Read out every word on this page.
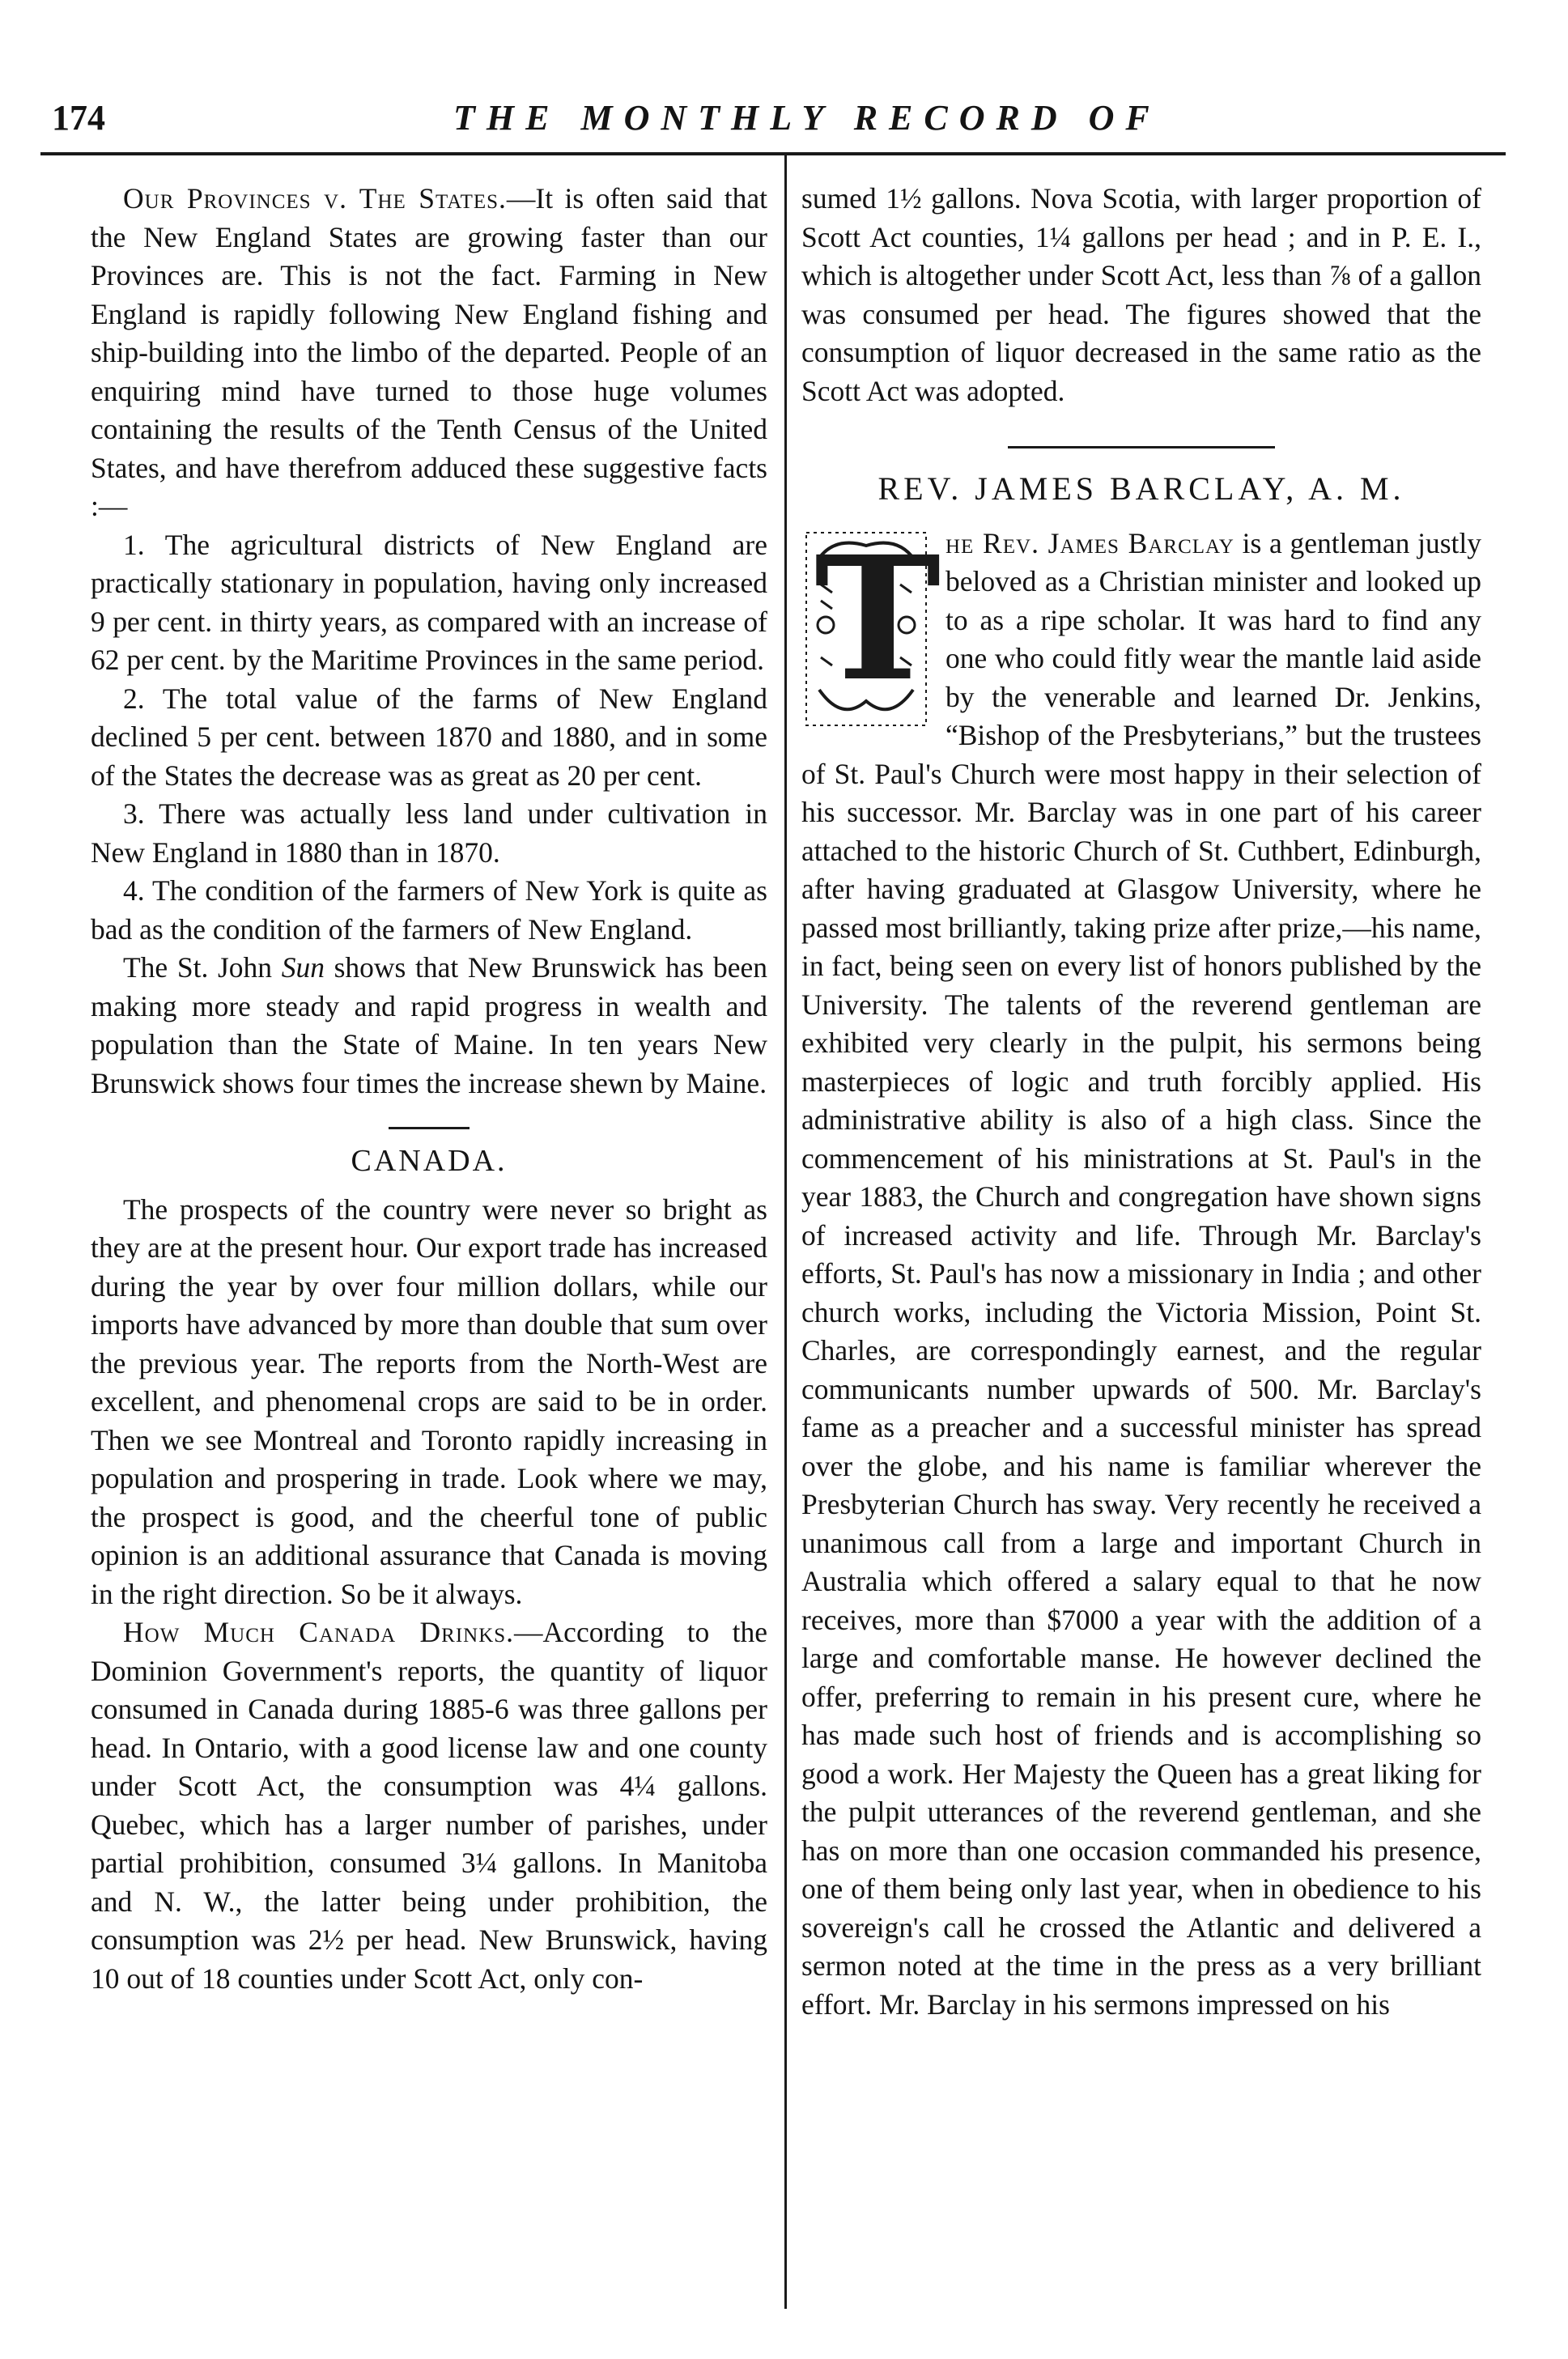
174	THE MONTHLY RECORD OF

Our Provinces v. The States.—It is often said that the New England States are growing faster than our Provinces are. This is not the fact. Farming in New England is rapidly following New England fishing and ship-building into the limbo of the departed. People of an enquiring mind have turned to those huge volumes containing the results of the Tenth Census of the United States, and have therefrom adduced these suggestive facts :—

1. The agricultural districts of New England are practically stationary in population, having only increased 9 per cent. in thirty years, as compared with an increase of 62 per cent. by the Maritime Provinces in the same period.

2. The total value of the farms of New England declined 5 per cent. between 1870 and 1880, and in some of the States the decrease was as great as 20 per cent.

3. There was actually less land under cultivation in New England in 1880 than in 1870.

4. The condition of the farmers of New York is quite as bad as the condition of the farmers of New England.

The St. John Sun shows that New Brunswick has been making more steady and rapid progress in wealth and population than the State of Maine. In ten years New Brunswick shows four times the increase shewn by Maine.

CANADA.

The prospects of the country were never so bright as they are at the present hour. Our export trade has increased during the year by over four million dollars, while our imports have advanced by more than double that sum over the previous year. The reports from the North-West are excellent, and phenomenal crops are said to be in order. Then we see Montreal and Toronto rapidly increasing in population and prospering in trade. Look where we may, the prospect is good, and the cheerful tone of public opinion is an additional assurance that Canada is moving in the right direction. So be it always.

How Much Canada Drinks.—According to the Dominion Government's reports, the quantity of liquor consumed in Canada during 1885-6 was three gallons per head. In Ontario, with a good license law and one county under Scott Act, the consumption was 4¼ gallons. Quebec, which has a larger number of parishes, under partial prohibition, consumed 3¼ gallons. In Manitoba and N. W., the latter being under prohibition, the consumption was 2½ per head. New Brunswick, having 10 out of 18 counties under Scott Act, only con-

sumed 1½ gallons. Nova Scotia, with larger proportion of Scott Act counties, 1¼ gallons per head ; and in P. E. I., which is altogether under Scott Act, less than ⅞ of a gallon was consumed per head. The figures showed that the consumption of liquor decreased in the same ratio as the Scott Act was adopted.

REV. JAMES BARCLAY, A. M.

T he Rev. James Barclay is a gentleman justly beloved as a Christian minister and looked up to as a ripe scholar. It was hard to find any one who could fitly wear the mantle laid aside by the venerable and learned Dr. Jenkins, “Bishop of the Presbyterians,” but the trustees of St. Paul's Church were most happy in their selection of his successor. Mr. Barclay was in one part of his career attached to the historic Church of St. Cuthbert, Edinburgh, after having graduated at Glasgow University, where he passed most brilliantly, taking prize after prize,—his name, in fact, being seen on every list of honors published by the University. The talents of the reverend gentleman are exhibited very clearly in the pulpit, his sermons being masterpieces of logic and truth forcibly applied. His administrative ability is also of a high class. Since the commencement of his ministrations at St. Paul's in the year 1883, the Church and congregation have shown signs of increased activity and life. Through Mr. Barclay's efforts, St. Paul's has now a missionary in India ; and other church works, including the Victoria Mission, Point St. Charles, are correspondingly earnest, and the regular communicants number upwards of 500. Mr. Barclay's fame as a preacher and a successful minister has spread over the globe, and his name is familiar wherever the Presbyterian Church has sway. Very recently he received a unanimous call from a large and important Church in Australia which offered a salary equal to that he now receives, more than $7000 a year with the addition of a large and comfortable manse. He however declined the offer, preferring to remain in his present cure, where he has made such host of friends and is accomplishing so good a work. Her Majesty the Queen has a great liking for the pulpit utterances of the reverend gentleman, and she has on more than one occasion commanded his presence, one of them being only last year, when in obedience to his sovereign's call he crossed the Atlantic and delivered a sermon noted at the time in the press as a very brilliant effort. Mr. Barclay in his sermons impressed on his
